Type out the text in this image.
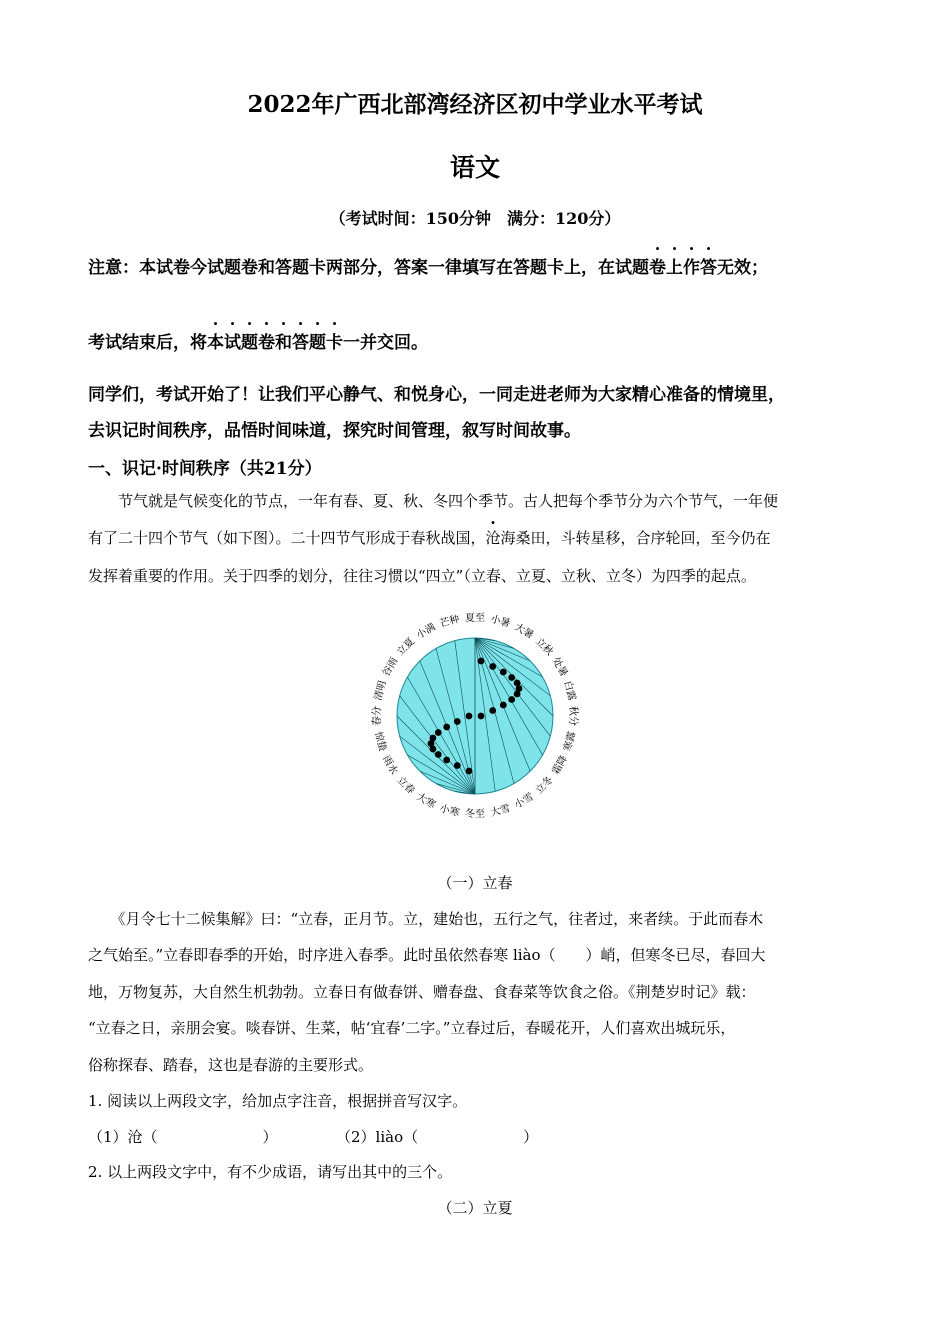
2022年广西北部湾经济区初中学业水平考试
语文
（考试时间：150分钟　满分：120分）
注意：本试卷今试题卷和答题卡两部分，答案一律填写在答题卡上，在试题卷上作答无效；
考试结束后，将本试题卷和答题卡一并交回。
同学们，考试开始了！让我们平心静气、和悦身心，一同走进老师为大家精心准备的情境里，
去识记时间秩序，品悟时间味道，探究时间管理，叙写时间故事。
一、识记·时间秩序（共21分）
　　节气就是气候变化的节点，一年有春、夏、秋、冬四个季节。古人把每个季节分为六个节气，一年便
有了二十四个节气（如下图）。二十四节气形成于春秋战国，沧海桑田，斗转星移，合序轮回，至今仍在
发挥着重要的作用。关于四季的划分，往往习惯以“四立”（立春、立夏、立秋、立冬）为四季的起点。
夏至 小暑 大暑
立秋
处暑
白露
秋分
寒露
霜降
立冬
小雪
大雪
冬至
小寒
大寒
立春
雨水
惊蛰
春分
清明
谷雨
立夏
小满 芒种
（一）立春
　　《月令七十二候集解》曰：“立春，正月节。立，建始也，五行之气，往者过，来者续。于此而春木
之气始至。”立春即春季的开始，时序进入春季。此时虽依然春寒 liào（　　）峭，但寒冬已尽，春回大
地，万物复苏，大自然生机勃勃。立春日有做春饼、赠春盘、食春菜等饮食之俗。《荆楚岁时记》载：
“立春之日，亲朋会宴。啖春饼、生菜，帖‘宜春’二字。”立春过后，春暖花开，人们喜欢出城玩乐，
俗称探春、踏春，这也是春游的主要形式。
1. 阅读以上两段文字，给加点字注音，根据拼音写汉字。
（1）沧（　　　　　　　）	（2）liào（　　　　　　　）
2. 以上两段文字中，有不少成语，请写出其中的三个。
（二）立夏
